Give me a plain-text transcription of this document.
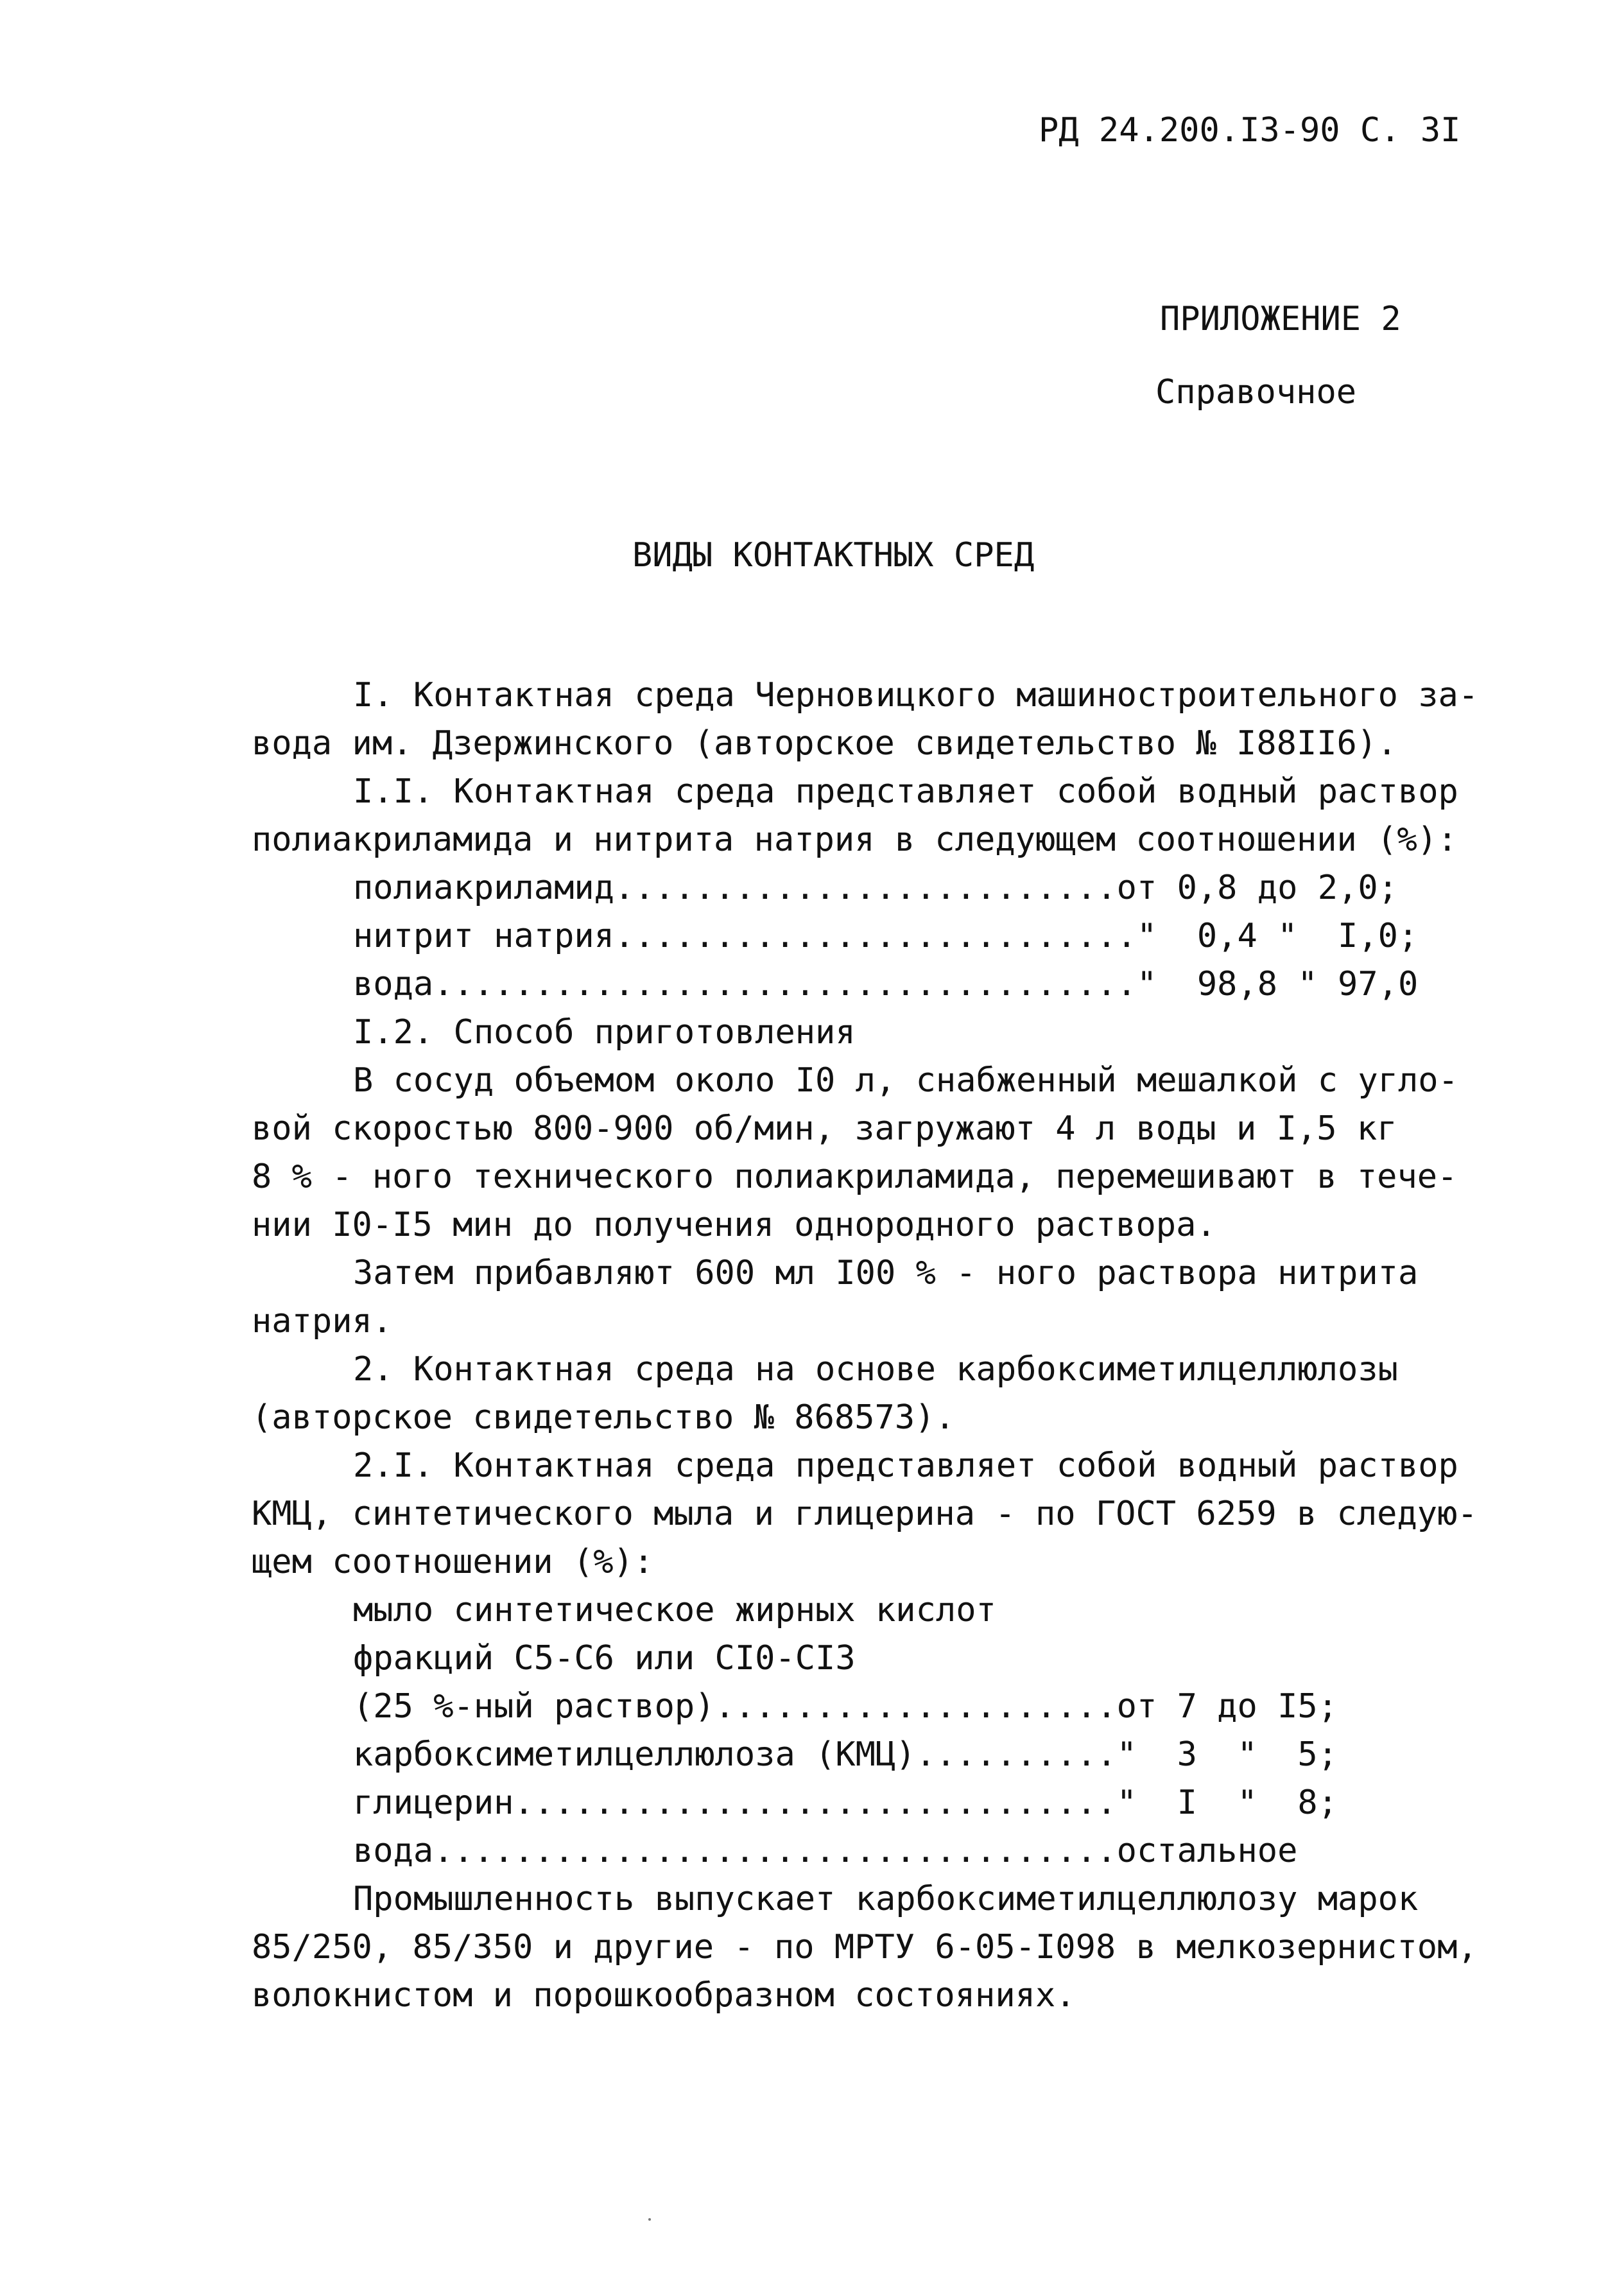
РД 24.200.I3-90 С. 3I
ПРИЛОЖЕНИЕ 2
Справочное
ВИДЫ КОНТАКТНЫХ СРЕД
I. Контактная среда Черновицкого машиностроительного за-
вода им. Дзержинского (авторское свидетельство № I88II6).
I.I. Контактная среда представляет собой водный раствор
полиакриламида и нитрита натрия в следующем соотношении (%):
полиакриламид.........................от 0,8 до 2,0;
нитрит натрия.........................."  0,4 "  I,0;
вода..................................."  98,8 " 97,0
I.2. Способ приготовления
В сосуд объемом около I0 л, снабженный мешалкой с угло-
вой скоростью 800-900 об/мин, загружают 4 л воды и I,5 кг
8 % - ного технического полиакриламида, перемешивают в тече-
нии I0-I5 мин до получения однородного раствора.
Затем прибавляют 600 мл I00 % - ного раствора нитрита
натрия.
2. Контактная среда на основе карбоксиметилцеллюлозы
(авторское свидетельство № 868573).
2.I. Контактная среда представляет собой водный раствор
КМЦ, синтетического мыла и глицерина - по ГОСТ 6259 в следую-
щем соотношении (%):
мыло синтетическое жирных кислот
фракций С5-С6 или СI0-СI3
(25 %-ный раствор)....................от 7 до I5;
карбоксиметилцеллюлоза (КМЦ).........."  3  "  5;
глицерин.............................."  I  "  8;
вода..................................остальное
Промышленность выпускает карбоксиметилцеллюлозу марок
85/250, 85/350 и другие - по МРТУ 6-05-I098 в мелкозернистом,
волокнистом и порошкообразном состояниях.
